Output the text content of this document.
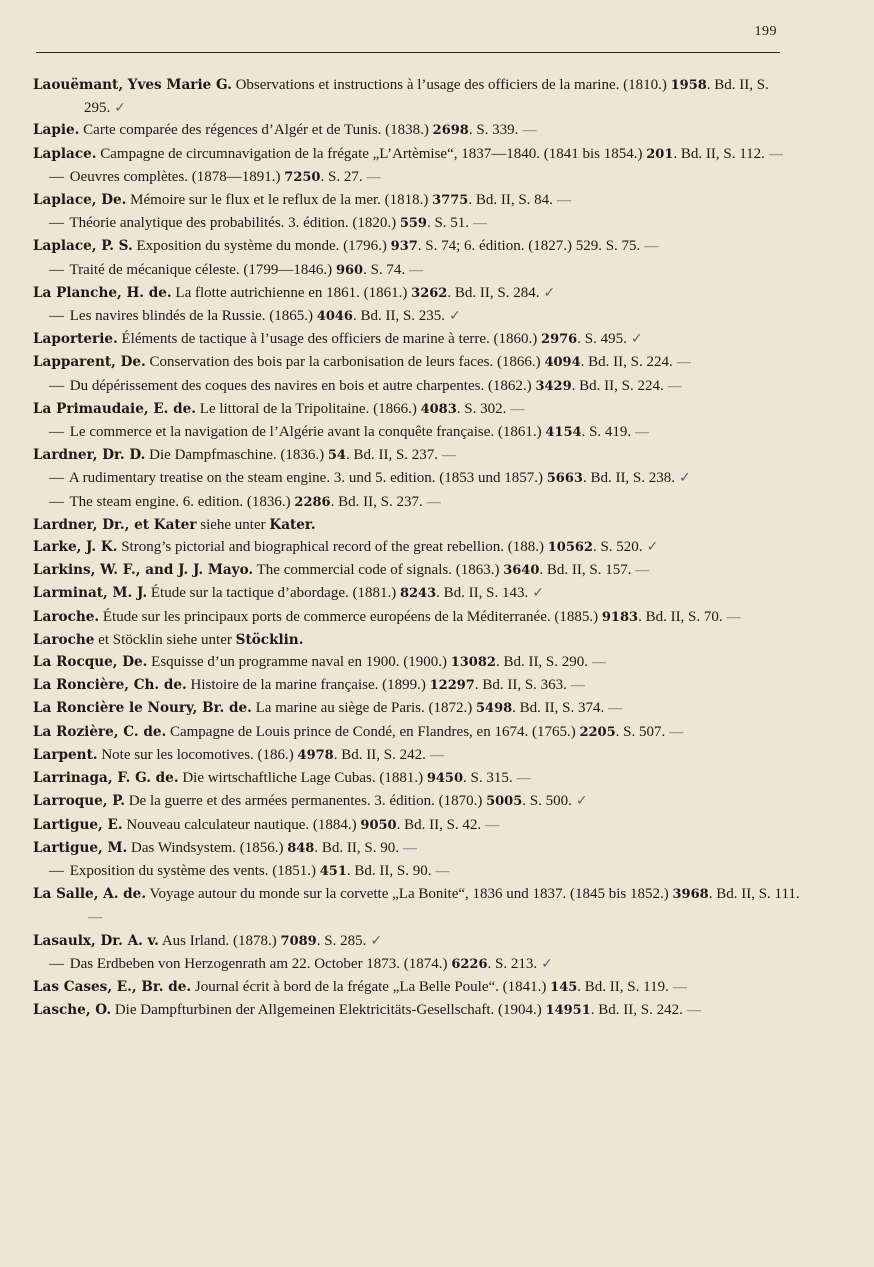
199
Laouëmant, Yves Marie G. Observations et instructions à l’usage des officiers de la marine. (1810.) 1958. Bd. II, S. 295. ✓
Lapie. Carte comparée des régences d’Algér et de Tunis. (1838.) 2698. S. 339. —
Laplace. Campagne de circumnavigation de la frégate „L’Artèmise“, 1837—1840. (1841 bis 1854.) 201. Bd. II, S. 112. —
— Oeuvres complètes. (1878—1891.) 7250. S. 27. —
Laplace, De. Mémoire sur le flux et le reflux de la mer. (1818.) 3775. Bd. II, S. 84. —
— Théorie analytique des probabilités. 3. édition. (1820.) 559. S. 51. —
Laplace, P. S. Exposition du système du monde. (1796.) 937. S. 74; 6. édition. (1827.) 529. S. 75. —
— Traité de mécanique céleste. (1799—1846.) 960. S. 74. —
La Planche, H. de. La flotte autrichienne en 1861. (1861.) 3262. Bd. II, S. 284. ✓
— Les navires blindés de la Russie. (1865.) 4046. Bd. II, S. 235. ✓
Laporterie. Éléments de tactique à l’usage des officiers de marine à terre. (1860.) 2976. S. 495. ✓
Lapparent, De. Conservation des bois par la carbonisation de leurs faces. (1866.) 4094. Bd. II, S. 224. —
— Du dépérissement des coques des navires en bois et autre charpentes. (1862.) 3429. Bd. II, S. 224. —
La Primaudaie, E. de. Le littoral de la Tripolitaine. (1866.) 4083. S. 302. —
— Le commerce et la navigation de l’Algérie avant la conquête française. (1861.) 4154. S. 419. —
Lardner, Dr. D. Die Dampfmaschine. (1836.) 54. Bd. II, S. 237. —
— A rudimentary treatise on the steam engine. 3. und 5. edition. (1853 und 1857.) 5663. Bd. II, S. 238. ✓
— The steam engine. 6. edition. (1836.) 2286. Bd. II, S. 237. —
Lardner, Dr., et Kater siehe unter Kater.
Larke, J. K. Strong’s pictorial and biographical record of the great rebellion. (188.) 10562. S. 520. ✓
Larkins, W. F., and J. J. Mayo. The commercial code of signals. (1863.) 3640. Bd. II, S. 157. —
Larminat, M. J. Étude sur la tactique d’abordage. (1881.) 8243. Bd. II, S. 143. ✓
Laroche. Étude sur les principaux ports de commerce européens de la Méditerranée. (1885.) 9183. Bd. II, S. 70. —
Laroche et Stöcklin siehe unter Stöcklin.
La Rocque, De. Esquisse d’un programme naval en 1900. (1900.) 13082. Bd. II, S. 290. —
La Roncière, Ch. de. Histoire de la marine française. (1899.) 12297. Bd. II, S. 363. —
La Roncière le Noury, Br. de. La marine au siège de Paris. (1872.) 5498. Bd. II, S. 374. —
La Rozière, C. de. Campagne de Louis prince de Condé, en Flandres, en 1674. (1765.) 2205. S. 507. —
Larpent. Note sur les locomotives. (186.) 4978. Bd. II, S. 242. —
Larrinaga, F. G. de. Die wirtschaftliche Lage Cubas. (1881.) 9450. S. 315. —
Larroque, P. De la guerre et des armées permanentes. 3. édition. (1870.) 5005. S. 500. ✓
Lartigue, E. Nouveau calculateur nautique. (1884.) 9050. Bd. II, S. 42. —
Lartigue, M. Das Windsystem. (1856.) 848. Bd. II, S. 90. —
— Exposition du système des vents. (1851.) 451. Bd. II, S. 90. —
La Salle, A. de. Voyage autour du monde sur la corvette „La Bonite“, 1836 und 1837. (1845 bis 1852.) 3968. Bd. II, S. 111.—
Lasaulx, Dr. A. v. Aus Irland. (1878.) 7089. S. 285. ✓
— Das Erdbeben von Herzogenrath am 22. October 1873. (1874.) 6226. S. 213. ✓
Las Cases, E., Br. de. Journal écrit à bord de la frégate „La Belle Poule“. (1841.) 145. Bd. II, S. 119. —
Lasche, O. Die Dampfturbinen der Allgemeinen Elektricitäts-Gesellschaft. (1904.) 14951. Bd. II, S. 242. —
